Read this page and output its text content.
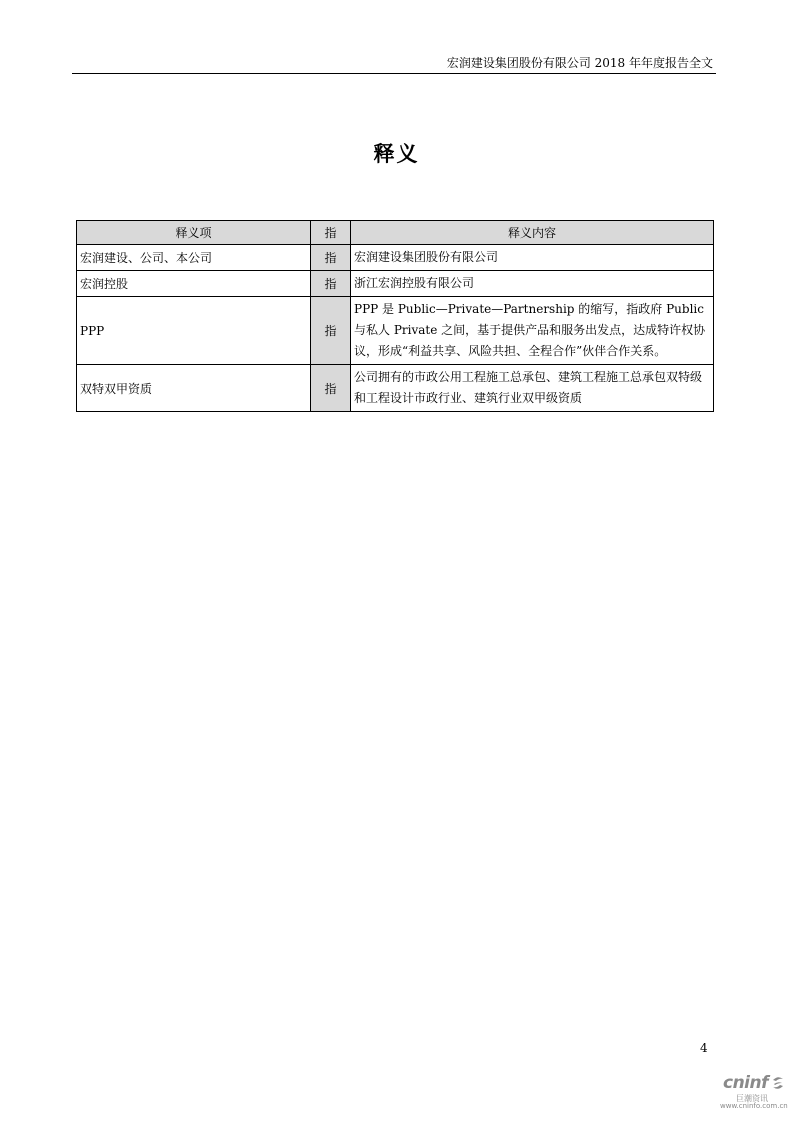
宏润建设集团股份有限公司 2018 年年度报告全文
释义
释义项	指	释义内容
宏润建设、公司、本公司	指	宏润建设集团股份有限公司
宏润控股	指	浙江宏润控股有限公司
PPP	指	PPP 是 Public—Private—Partnership 的缩写，指政府 Public 与私人 Private 之间，基于提供产品和服务出发点，达成特许权协议，形成“利益共享、风险共担、全程合作”伙伴合作关系。
双特双甲资质	指	公司拥有的市政公用工程施工总承包、建筑工程施工总承包双特级和工程设计市政行业、建筑行业双甲级资质
4
cninf
巨潮资讯
www.cninfo.com.cn
